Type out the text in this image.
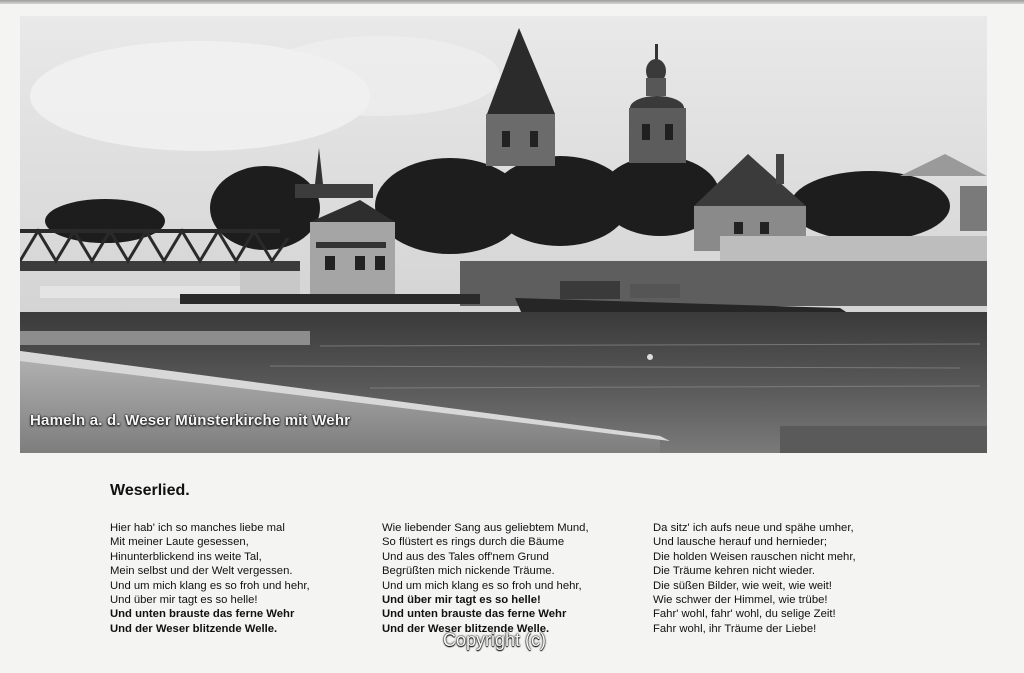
Hameln a. d. Weser Münsterkirche mit Wehr
Weserlied.
Hier hab' ich so manches liebe mal
Mit meiner Laute gesessen,
Hinunterblickend ins weite Tal,
Mein selbst und der Welt vergessen.
Und um mich klang es so froh und hehr,
Und über mir tagt es so helle!
Und unten brauste das ferne Wehr
Und der Weser blitzende Welle.
Wie liebender Sang aus geliebtem Mund,
So flüstert es rings durch die Bäume
Und aus des Tales off'nem Grund
Begrüßten mich nickende Träume.
Und um mich klang es so froh und hehr,
Und über mir tagt es so helle!
Und unten brauste das ferne Wehr
Und der Weser blitzende Welle.
Da sitz' ich aufs neue und spähe umher,
Und lausche herauf und hernieder;
Die holden Weisen rauschen nicht mehr,
Die Träume kehren nicht wieder.
Die süßen Bilder, wie weit, wie weit!
Wie schwer der Himmel, wie trübe!
Fahr' wohl, fahr' wohl, du selige Zeit!
Fahr wohl, ihr Träume der Liebe!
Copyright (c)
